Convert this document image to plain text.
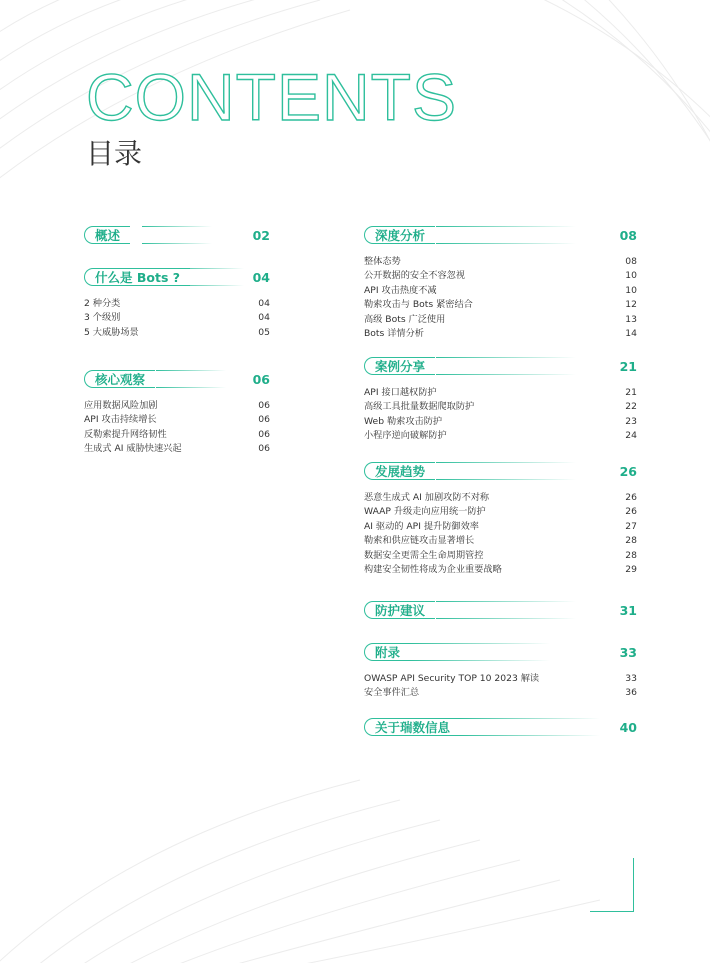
CONTENTS
目录
概述	02
什么是 Bots ?	04
2 种分类	04
3 个级别	04
5 大威胁场景	05
核心观察	06
应用数据风险加剧	06
API 攻击持续增长	06
反勒索提升网络韧性	06
生成式 AI 威胁快速兴起	06
深度分析	08
整体态势	08
公开数据的安全不容忽视	10
API 攻击热度不减	10
勒索攻击与 Bots 紧密结合	12
高级 Bots 广泛使用	13
Bots 详情分析	14
案例分享	21
API 接口越权防护	21
高级工具批量数据爬取防护	22
Web 勒索攻击防护	23
小程序逆向破解防护	24
发展趋势	26
恶意生成式 AI 加剧攻防不对称	26
WAAP 升级走向应用统一防护	26
AI 驱动的 API 提升防御效率	27
勒索和供应链攻击显著增长	28
数据安全更需全生命周期管控	28
构建安全韧性将成为企业重要战略	29
防护建议	31
附录	33
OWASP API Security TOP 10 2023 解读	33
安全事件汇总	36
关于瑞数信息	40
